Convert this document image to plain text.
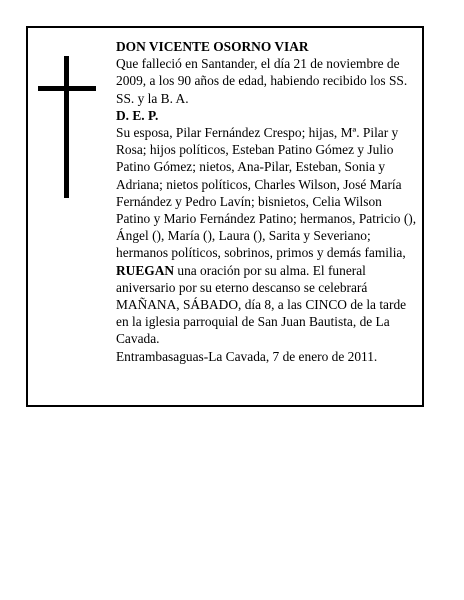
DON VICENTE OSORNO VIAR

Que falleció en Santander, el día 21 de noviembre de 2009, a los 90 años de edad, habiendo recibido los SS. SS. y la B. A.

D. E. P.

Su esposa, Pilar Fernández Crespo; hijas, Mª. Pilar y Rosa; hijos políticos, Esteban Patino Gómez y Julio Patino Gómez; nietos, Ana-Pilar, Esteban, Sonia y Adriana; nietos políticos, Charles Wilson, José María Fernández y Pedro Lavín; bisnietos, Celia Wilson Patino y Mario Fernández Patino; hermanos, Patricio (), Ángel (), María (), Laura (), Sarita y Severiano; hermanos políticos, sobrinos, primos y demás familia,

RUEGAN una oración por su alma. El funeral aniversario por su eterno descanso se celebrará MAÑANA, SÁBADO, día 8, a las CINCO de la tarde en la iglesia parroquial de San Juan Bautista, de La Cavada.

Entrambasaguas-La Cavada, 7 de enero de 2011.
